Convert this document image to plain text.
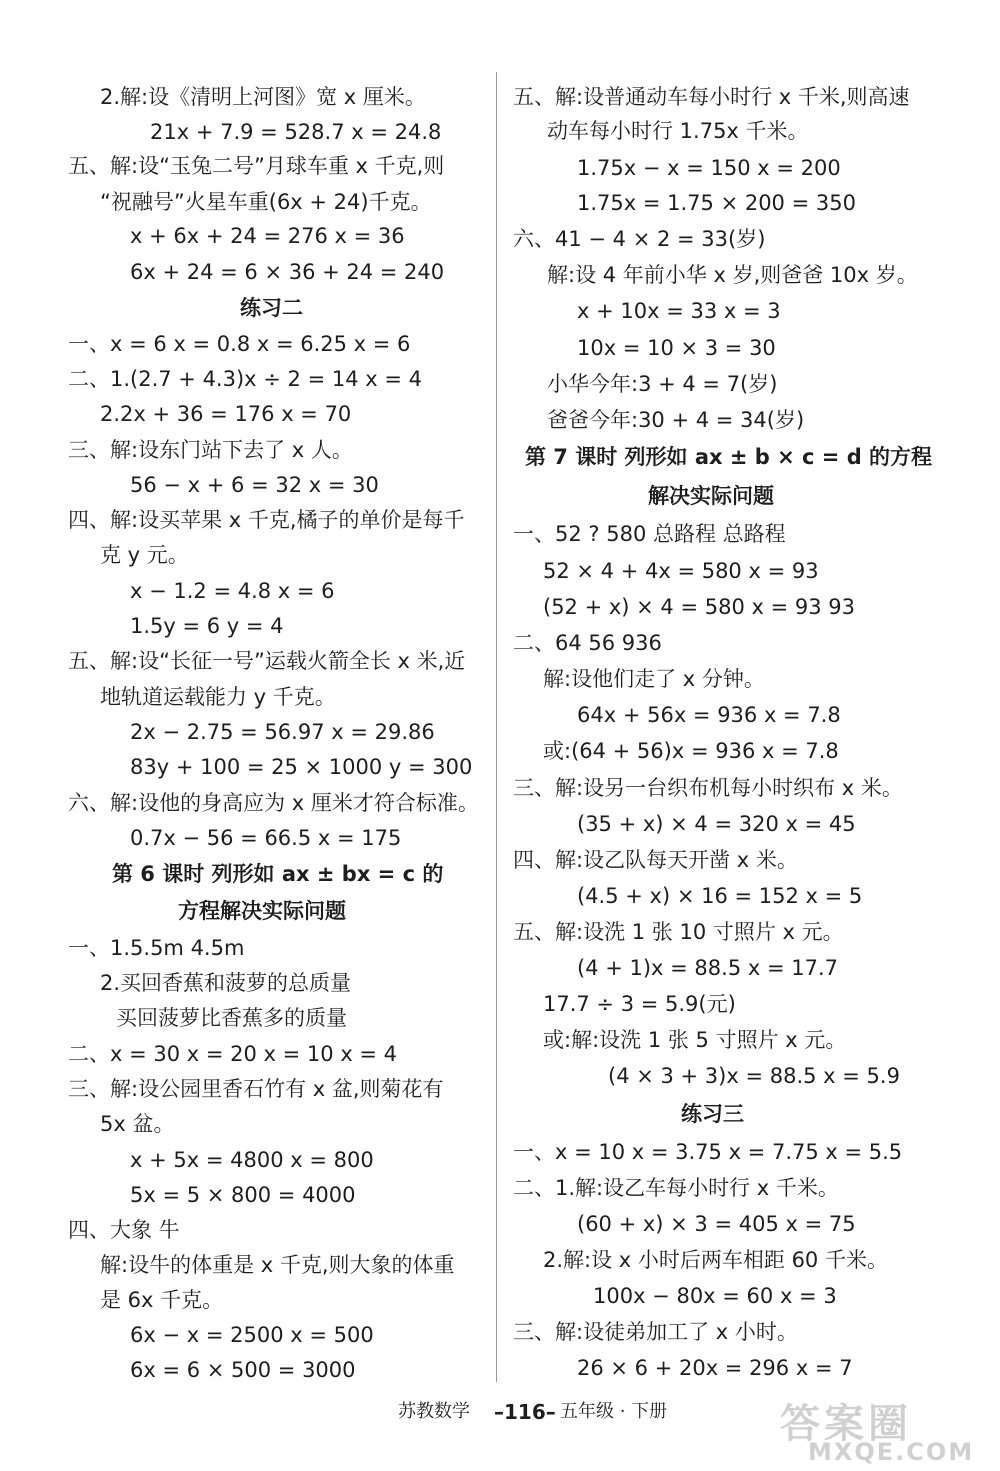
2.解:设《清明上河图》宽 x 厘米。
21x + 7.9 = 528.7 x = 24.8
五、解:设“玉兔二号”月球车重 x 千克,则
“祝融号”火星车重(6x + 24)千克。
x + 6x + 24 = 276 x = 36
6x + 24 = 6 × 36 + 24 = 240
练习二
一、x = 6 x = 0.8 x = 6.25 x = 6
二、1.(2.7 + 4.3)x ÷ 2 = 14 x = 4
2.2x + 36 = 176 x = 70
三、解:设东门站下去了 x 人。
56 − x + 6 = 32 x = 30
四、解:设买苹果 x 千克,橘子的单价是每千
克 y 元。
x − 1.2 = 4.8 x = 6
1.5y = 6 y = 4
五、解:设“长征一号”运载火箭全长 x 米,近
地轨道运载能力 y 千克。
2x − 2.75 = 56.97 x = 29.86
83y + 100 = 25 × 1000 y = 300
六、解:设他的身高应为 x 厘米才符合标准。
0.7x − 56 = 66.5 x = 175
第 6 课时 列形如 ax ± bx = c 的
方程解决实际问题
一、1.5.5m 4.5m
2.买回香蕉和菠萝的总质量
买回菠萝比香蕉多的质量
二、x = 30 x = 20 x = 10 x = 4
三、解:设公园里香石竹有 x 盆,则菊花有
5x 盆。
x + 5x = 4800 x = 800
5x = 5 × 800 = 4000
四、大象 牛
解:设牛的体重是 x 千克,则大象的体重
是 6x 千克。
6x − x = 2500 x = 500
6x = 6 × 500 = 3000
五、解:设普通动车每小时行 x 千米,则高速
动车每小时行 1.75x 千米。
1.75x − x = 150 x = 200
1.75x = 1.75 × 200 = 350
六、41 − 4 × 2 = 33(岁)
解:设 4 年前小华 x 岁,则爸爸 10x 岁。
x + 10x = 33 x = 3
10x = 10 × 3 = 30
小华今年:3 + 4 = 7(岁)
爸爸今年:30 + 4 = 34(岁)
第 7 课时 列形如 ax ± b × c = d 的方程
解决实际问题
一、52 ? 580 总路程 总路程
52 × 4 + 4x = 580 x = 93
(52 + x) × 4 = 580 x = 93 93
二、64 56 936
解:设他们走了 x 分钟。
64x + 56x = 936 x = 7.8
或:(64 + 56)x = 936 x = 7.8
三、解:设另一台织布机每小时织布 x 米。
(35 + x) × 4 = 320 x = 45
四、解:设乙队每天开凿 x 米。
(4.5 + x) × 16 = 152 x = 5
五、解:设洗 1 张 10 寸照片 x 元。
(4 + 1)x = 88.5 x = 17.7
17.7 ÷ 3 = 5.9(元)
或:解:设洗 1 张 5 寸照片 x 元。
(4 × 3 + 3)x = 88.5 x = 5.9
练习三
一、x = 10 x = 3.75 x = 7.75 x = 5.5
二、1.解:设乙车每小时行 x 千米。
(60 + x) × 3 = 405 x = 75
2.解:设 x 小时后两车相距 60 千米。
100x − 80x = 60 x = 3
三、解:设徒弟加工了 x 小时。
26 × 6 + 20x = 296 x = 7
苏教数学 –116– 五年级 · 下册	答案圈
MXQE.COM
